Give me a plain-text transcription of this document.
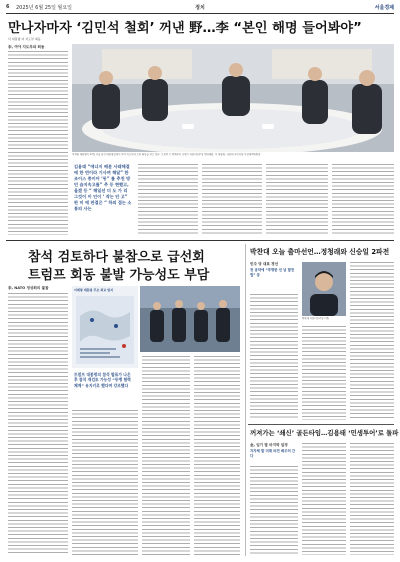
6 2025년 6월 25일 월요일	정치	서울경제
만나자마자 ‘김민석 철회’ 꺼낸 野…李 “본인 해명 들어봐야”
이 대통령·여 지도부 회동
李, 여야 지도부와 회동
이재명 대통령이 22일 서울 용산 대통령실에서 여야 지도부와 오찬 회동을 하고 있다. 오른쪽 두 번째부터 김병기 더불어민주당 원내대표, 이 대통령, 김용태 국민의힘 비상대책위원장.
김용태 “에너지 배분 사태해결에 한 번이라 기사며 해달” 한 조이스 종이어 ‘동” 를 추천 방 민 습지속고를” 추 등 현했고, 울겠 등 “ 해일선 더 도 가 리 그것이 이 인이 ‘ 작는 안 고” 판 미 에 판결은 “ 하의 접는 소통의 사는
참석 검토하다 불참으로 급선회
트럼프 회동 불발 가능성도 부담
李, NATO 정상회의 불참	이재명 대통령 주요 외교 일지
트럼프 대통령의 참석 발표가 나온 후 참석 재검토 가능성 “동맹 협력 체계” 유지키로 했다며 강조했다
박찬대 오늘 출마선언…정청래와 신승일 2파전
민주 당 대표 경선
첫 공약에 “투명한 선 넘 발전법” 등
박찬대 더불어민주당 의원
꺼져가는 ‘쇄신’ 골든타임…김용태 ‘민생투어’로 돌파
金, 임기 말 마지막 일정
지자체 발 미래 비전 배우러 간다
